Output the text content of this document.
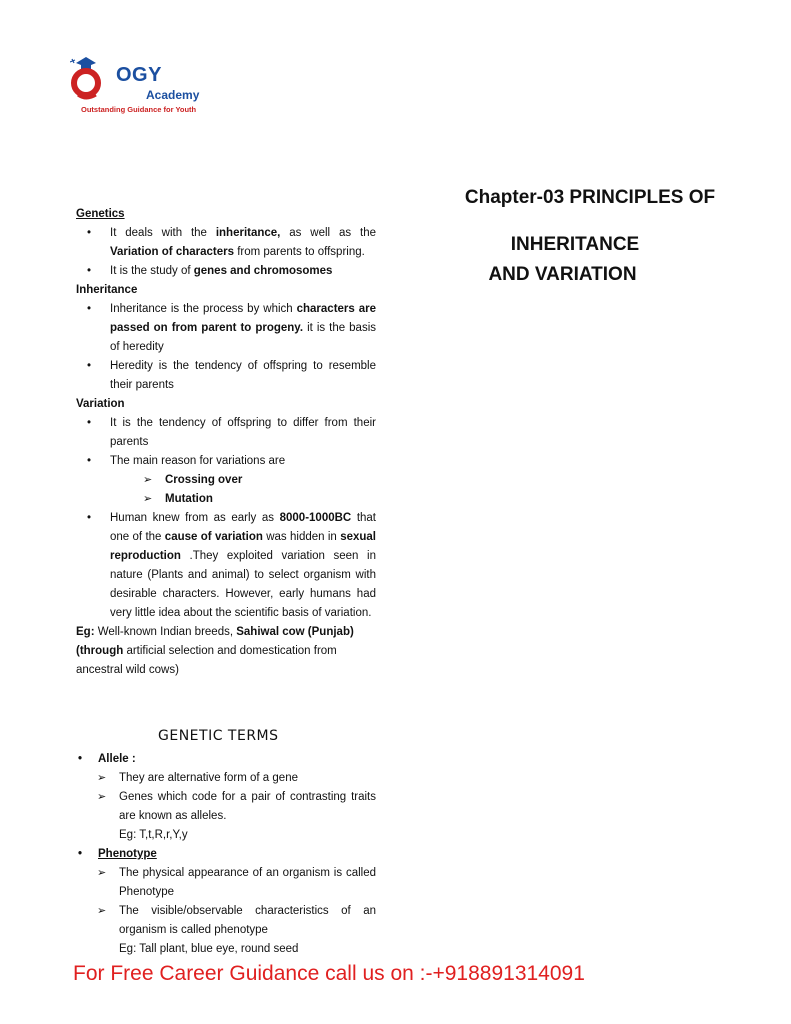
OGY
Academy
Outstanding Guidance for Youth
Chapter-03 PRINCIPLES OF
INHERITANCE
AND VARIATION
Genetics
• It deals with the inheritance, as well as the Variation of characters from parents to offspring.
• It is the study of genes and chromosomes
Inheritance
• Inheritance is the process by which characters are passed on from parent to progeny. it is the basis of heredity
• Heredity is the tendency of offspring to resemble their parents
Variation
• It is the tendency of offspring to differ from their parents
• The main reason for variations are
➢ Crossing over
➢ Mutation
• Human knew from as early as 8000-1000BC that one of the cause of variation was hidden in sexual reproduction .They exploited variation seen in nature (Plants and animal) to select organism with desirable characters. However, early humans had very little idea about the scientific basis of variation.
Eg: Well-known Indian breeds, Sahiwal cow (Punjab)
(through artificial selection and domestication from ancestral wild cows)
GENETIC TERMS
• Allele :
➢ They are alternative form of a gene
➢ Genes which code for a pair of contrasting traits are known as alleles.
Eg: T,t,R,r,Y,y
• Phenotype
➢ The physical appearance of an organism is called Phenotype
➢ The visible/observable characteristics of an organism is called phenotype
Eg: Tall plant, blue eye, round seed
For Free Career Guidance call us on :-+918891314091
